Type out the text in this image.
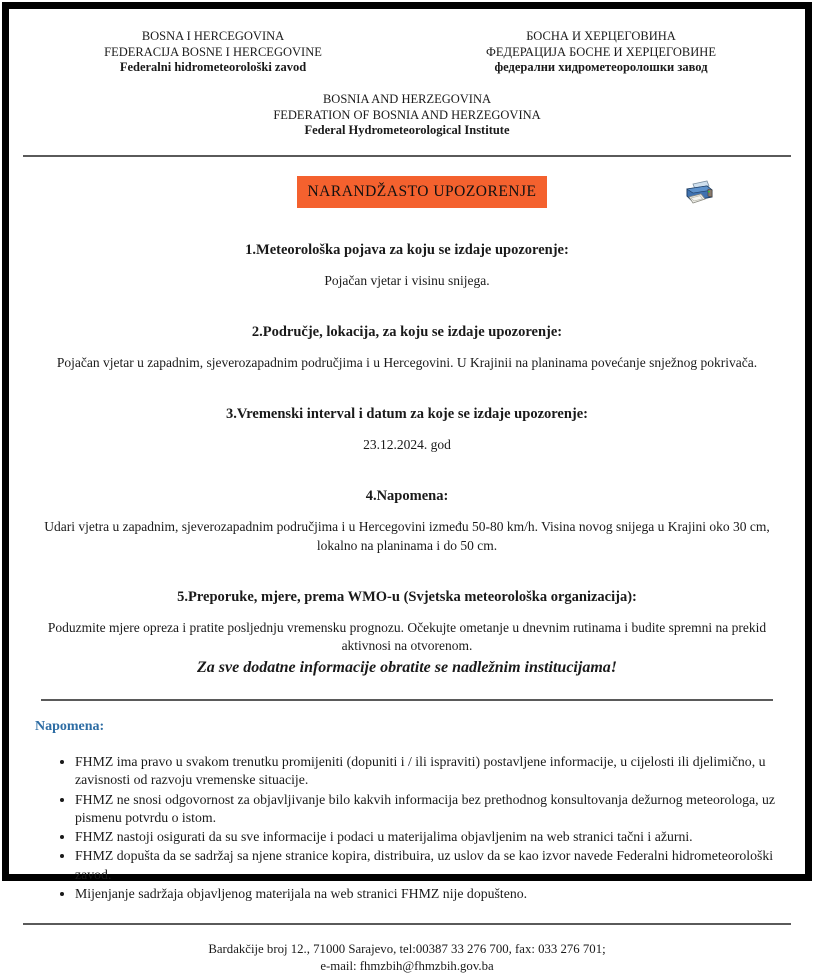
BOSNA I HERCEGOVINA
FEDERACIJA BOSNE I HERCEGOVINE
Federalni hidrometeorološki zavod
БОСНА И ХЕРЦЕГОВИНА
ФЕДЕРАЦИЈА БОСНЕ И ХЕРЦЕГОВИНЕ
федерални хидрометеоролошки завод
BOSNIA AND HERZEGOVINA
FEDERATION OF BOSNIA AND HERZEGOVINA
Federal Hydrometeorological Institute
NARANDŽASTO UPOZORENJE
1.Meteorološka pojava za koju se izdaje upozorenje:
Pojačan vjetar i visinu snijega.
2.Područje, lokacija, za koju se izdaje upozorenje:
Pojačan vjetar u zapadnim, sjeverozapadnim područjima i u Hercegovini. U Krajinii na planinama povećanje snježnog pokrivača.
3.Vremenski interval i datum za koje se izdaje upozorenje:
23.12.2024. god
4.Napomena:
Udari vjetra u zapadnim, sjeverozapadnim područjima i u Hercegovini između 50-80 km/h. Visina novog snijega u Krajini oko 30 cm, lokalno na planinama i do 50 cm.
5.Preporuke, mjere, prema WMO-u (Svjetska meteorološka organizacija):
Poduzmite mjere opreza i pratite posljednju vremensku prognozu. Očekujte ometanje u dnevnim rutinama i budite spremni na prekid aktivnosi na otvorenom.
Za sve dodatne informacije obratite se nadležnim institucijama!
Napomena:
• FHMZ ima pravo u svakom trenutku promijeniti (dopuniti i / ili ispraviti) postavljene informacije, u cijelosti ili djelimično, u zavisnosti od razvoju vremenske situacije.
• FHMZ ne snosi odgovornost za objavljivanje bilo kakvih informacija bez prethodnog konsultovanja dežurnog meteorologa, uz pismenu potvrdu o istom.
• FHMZ nastoji osigurati da su sve informacije i podaci u materijalima objavljenim na web stranici tačni i ažurni.
• FHMZ dopušta da se sadržaj sa njene stranice kopira, distribuira, uz uslov da se kao izvor navede Federalni hidrometeorološki zavod.
• Mijenjanje sadržaja objavljenog materijala na web stranici FHMZ nije dopušteno.
Bardakčije broj 12., 71000 Sarajevo, tel:00387 33 276 700, fax: 033 276 701;
e-mail: fhmzbih@fhmzbih.gov.ba
